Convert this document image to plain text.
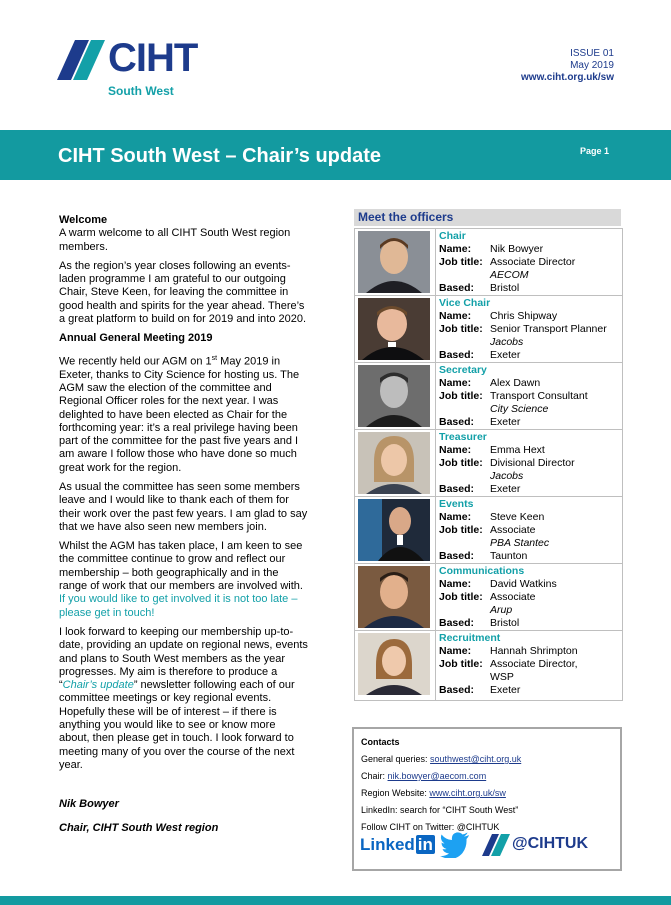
CIHT
South West
ISSUE 01
May 2019
www.ciht.org.uk/sw
CIHT South West – Chair’s update	Page 1

Welcome

A warm welcome to all CIHT South West region members.

As the region’s year closes following an events-laden programme I am grateful to our outgoing Chair, Steve Keen, for leaving the committee in good health and spirits for the year ahead. There’s a great platform to build on for 2019 and into 2020.

Annual General Meeting 2019

We recently held our AGM on 1st May 2019 in Exeter, thanks to City Science for hosting us. The AGM saw the election of the committee and Regional Officer roles for the next year. I was delighted to have been elected as Chair for the forthcoming year: it’s a real privilege having been part of the committee for the past five years and I am aware I follow those who have done so much great work for the region.

As usual the committee has seen some members leave and I would like to thank each of them for their work over the past few years. I am glad to say that we have also seen new members join.

Whilst the AGM has taken place, I am keen to see the committee continue to grow and reflect our membership – both geographically and in the range of work that our members are involved with. If you would like to get involved it is not too late – please get in touch!

I look forward to keeping our membership up-to-date, providing an update on regional news, events and plans to South West members as the year progresses. My aim is therefore to produce a “Chair’s update” newsletter following each of our committee meetings or key regional events. Hopefully these will be of interest – if there is anything you would like to see or know more about, then please get in touch. I look forward to meeting many of you over the course of the next year.

Nik Bowyer

Chair, CIHT South West region

Meet the officers
Chair
Name:	Nik Bowyer
Job title: Associate Director
AECOM
Based:	Bristol
Vice Chair
Name:	Chris Shipway
Job title: Senior Transport Planner
Jacobs
Based:	Exeter
Secretary
Name:	Alex Dawn
Job title: Transport Consultant
City Science
Based:	Exeter
Treasurer
Name:	Emma Hext
Job title: Divisional Director
Jacobs
Based:	Exeter
Events
Name:	Steve Keen
Job title: Associate
PBA Stantec
Based:	Taunton
Communications
Name:	David Watkins
Job title: Associate
Arup
Based:	Bristol
Recruitment
Name:	Hannah Shrimpton
Job title: Associate Director,
WSP
Based:	Exeter
Contacts
General queries: southwest@ciht.org.uk
Chair: nik.bowyer@aecom.com
Region Website: www.ciht.org.uk/sw
LinkedIn: search for “CIHT South West”
Follow CIHT on Twitter: @CIHTUK
Linked in	@CIHTUK
